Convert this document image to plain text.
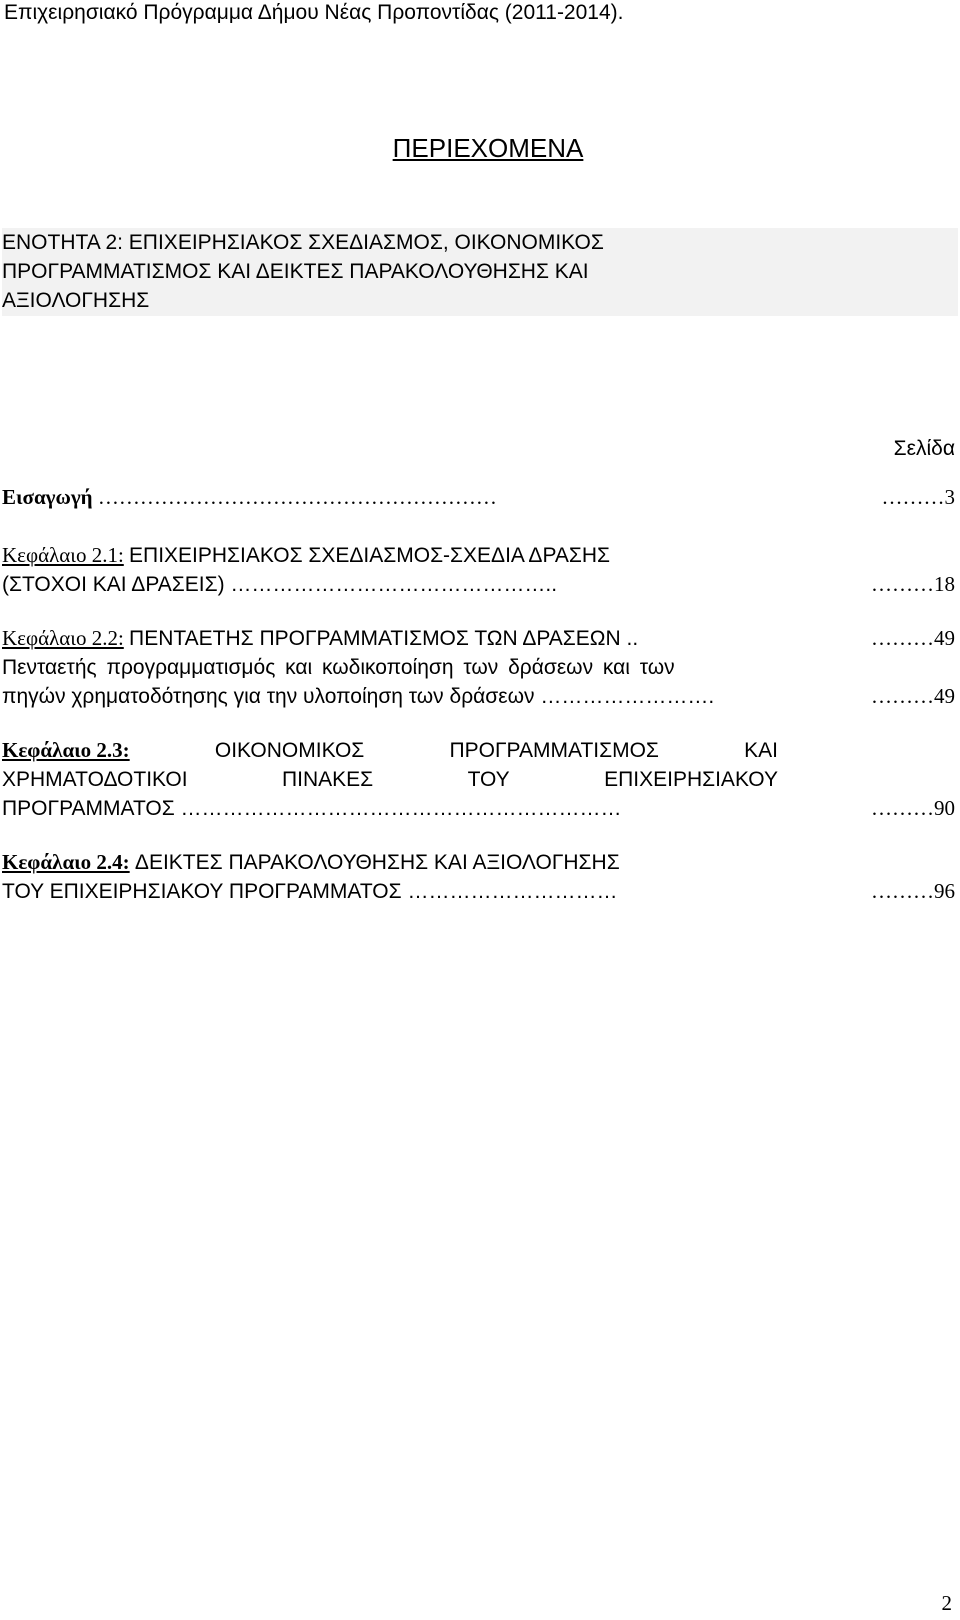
Επιχειρησιακό Πρόγραμμα Δήμου Νέας Προποντίδας (2011-2014).
ΠΕΡΙΕΧΟΜΕΝΑ
ΕΝΟΤΗΤΑ 2: ΕΠΙΧΕΙΡΗΣΙΑΚΟΣ ΣΧΕΔΙΑΣΜΟΣ, ΟΙΚΟΝΟΜΙΚΟΣ
ΠΡΟΓΡΑΜΜΑΤΙΣΜΟΣ ΚΑΙ ΔΕΙΚΤΕΣ ΠΑΡΑΚΟΛΟΥΘΗΣΗΣ ΚΑΙ
ΑΞΙΟΛΟΓΗΣΗΣ
Σελίδα
Εισαγωγή …………………………………………………	………3
Κεφάλαιο 2.1: ΕΠΙΧΕΙΡΗΣΙΑΚΟΣ ΣΧΕΔΙΑΣΜΟΣ-ΣΧΕΔΙΑ ΔΡΑΣΗΣ
(ΣΤΟΧΟΙ ΚΑΙ ΔΡΑΣΕΙΣ) ………………………………………..	………18
Κεφάλαιο 2.2: ΠΕΝΤΑΕΤΗΣ ΠΡΟΓΡΑΜΜΑΤΙΣΜΟΣ ΤΩΝ ΔΡΑΣΕΩΝ ..	………49
Πενταετής προγραμματισμός και κωδικοποίηση των δράσεων και των
πηγών χρηματοδότησης για την υλοποίηση των δράσεων …………………….	………49
Κεφάλαιο 2.3:	ΟΙΚΟΝΟΜΙΚΟΣ	ΠΡΟΓΡΑΜΜΑΤΙΣΜΟΣ	ΚΑΙ
ΧΡΗΜΑΤΟΔΟΤΙΚΟΙ	ΠΙΝΑΚΕΣ	ΤΟΥ	ΕΠΙΧΕΙΡΗΣΙΑΚΟΥ
ΠΡΟΓΡΑΜΜΑΤΟΣ ………………………………………………………	………90
Κεφάλαιο 2.4: ΔΕΙΚΤΕΣ ΠΑΡΑΚΟΛΟΥΘΗΣΗΣ ΚΑΙ ΑΞΙΟΛΟΓΗΣΗΣ
ΤΟΥ ΕΠΙΧΕΙΡΗΣΙΑΚΟΥ ΠΡΟΓΡΑΜΜΑΤΟΣ …………………………	………96
2
